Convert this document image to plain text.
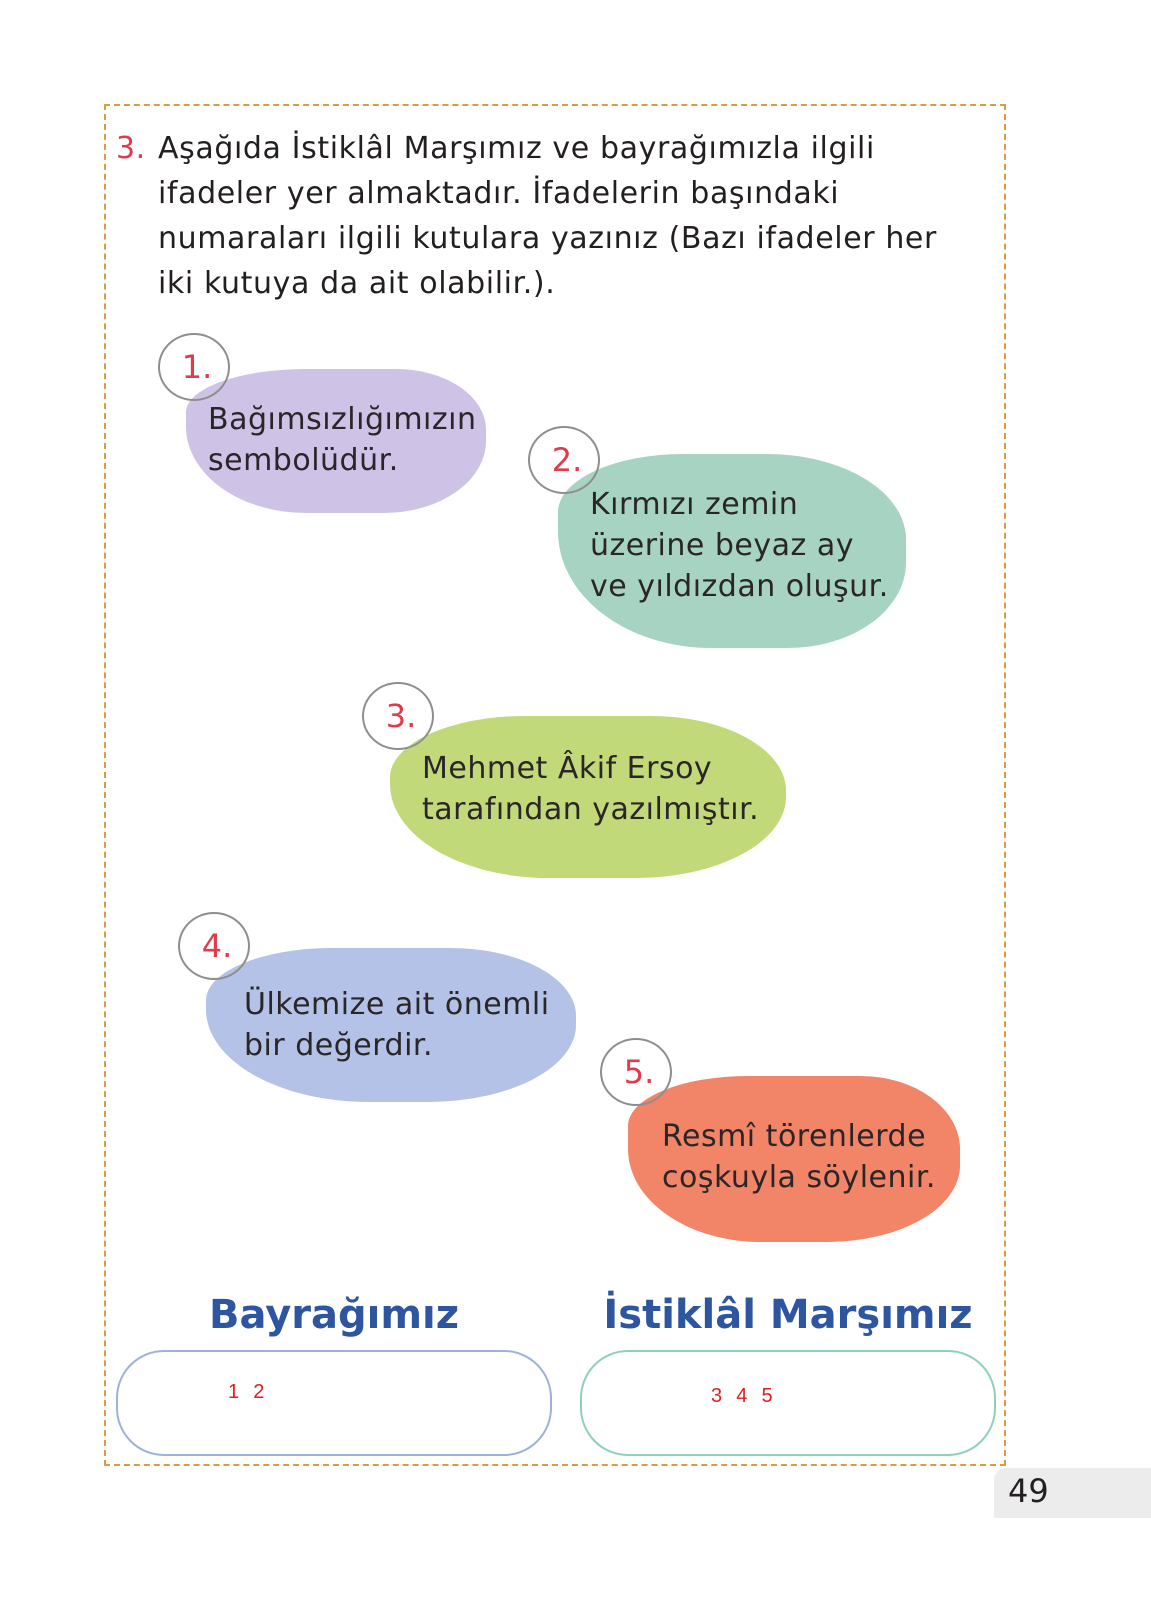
3. Aşağıda İstiklâl Marşımız ve bayrağımızla ilgili
ifadeler yer almaktadır. İfadelerin başındaki
numaraları ilgili kutulara yazınız (Bazı ifadeler her
iki kutuya da ait olabilir.).
1.
Bağımsızlığımızın
sembolüdür.	2.
Kırmızı zemin
üzerine beyaz ay
ve yıldızdan oluşur.
3.
Mehmet Âkif Ersoy
tarafından yazılmıştır.
4.
Ülkemize ait önemli
bir değerdir.
5.
Resmî törenlerde
coşkuyla söylenir.
Bayrağımız
1  2
İstiklâl Marşımız
3  4  5
49
